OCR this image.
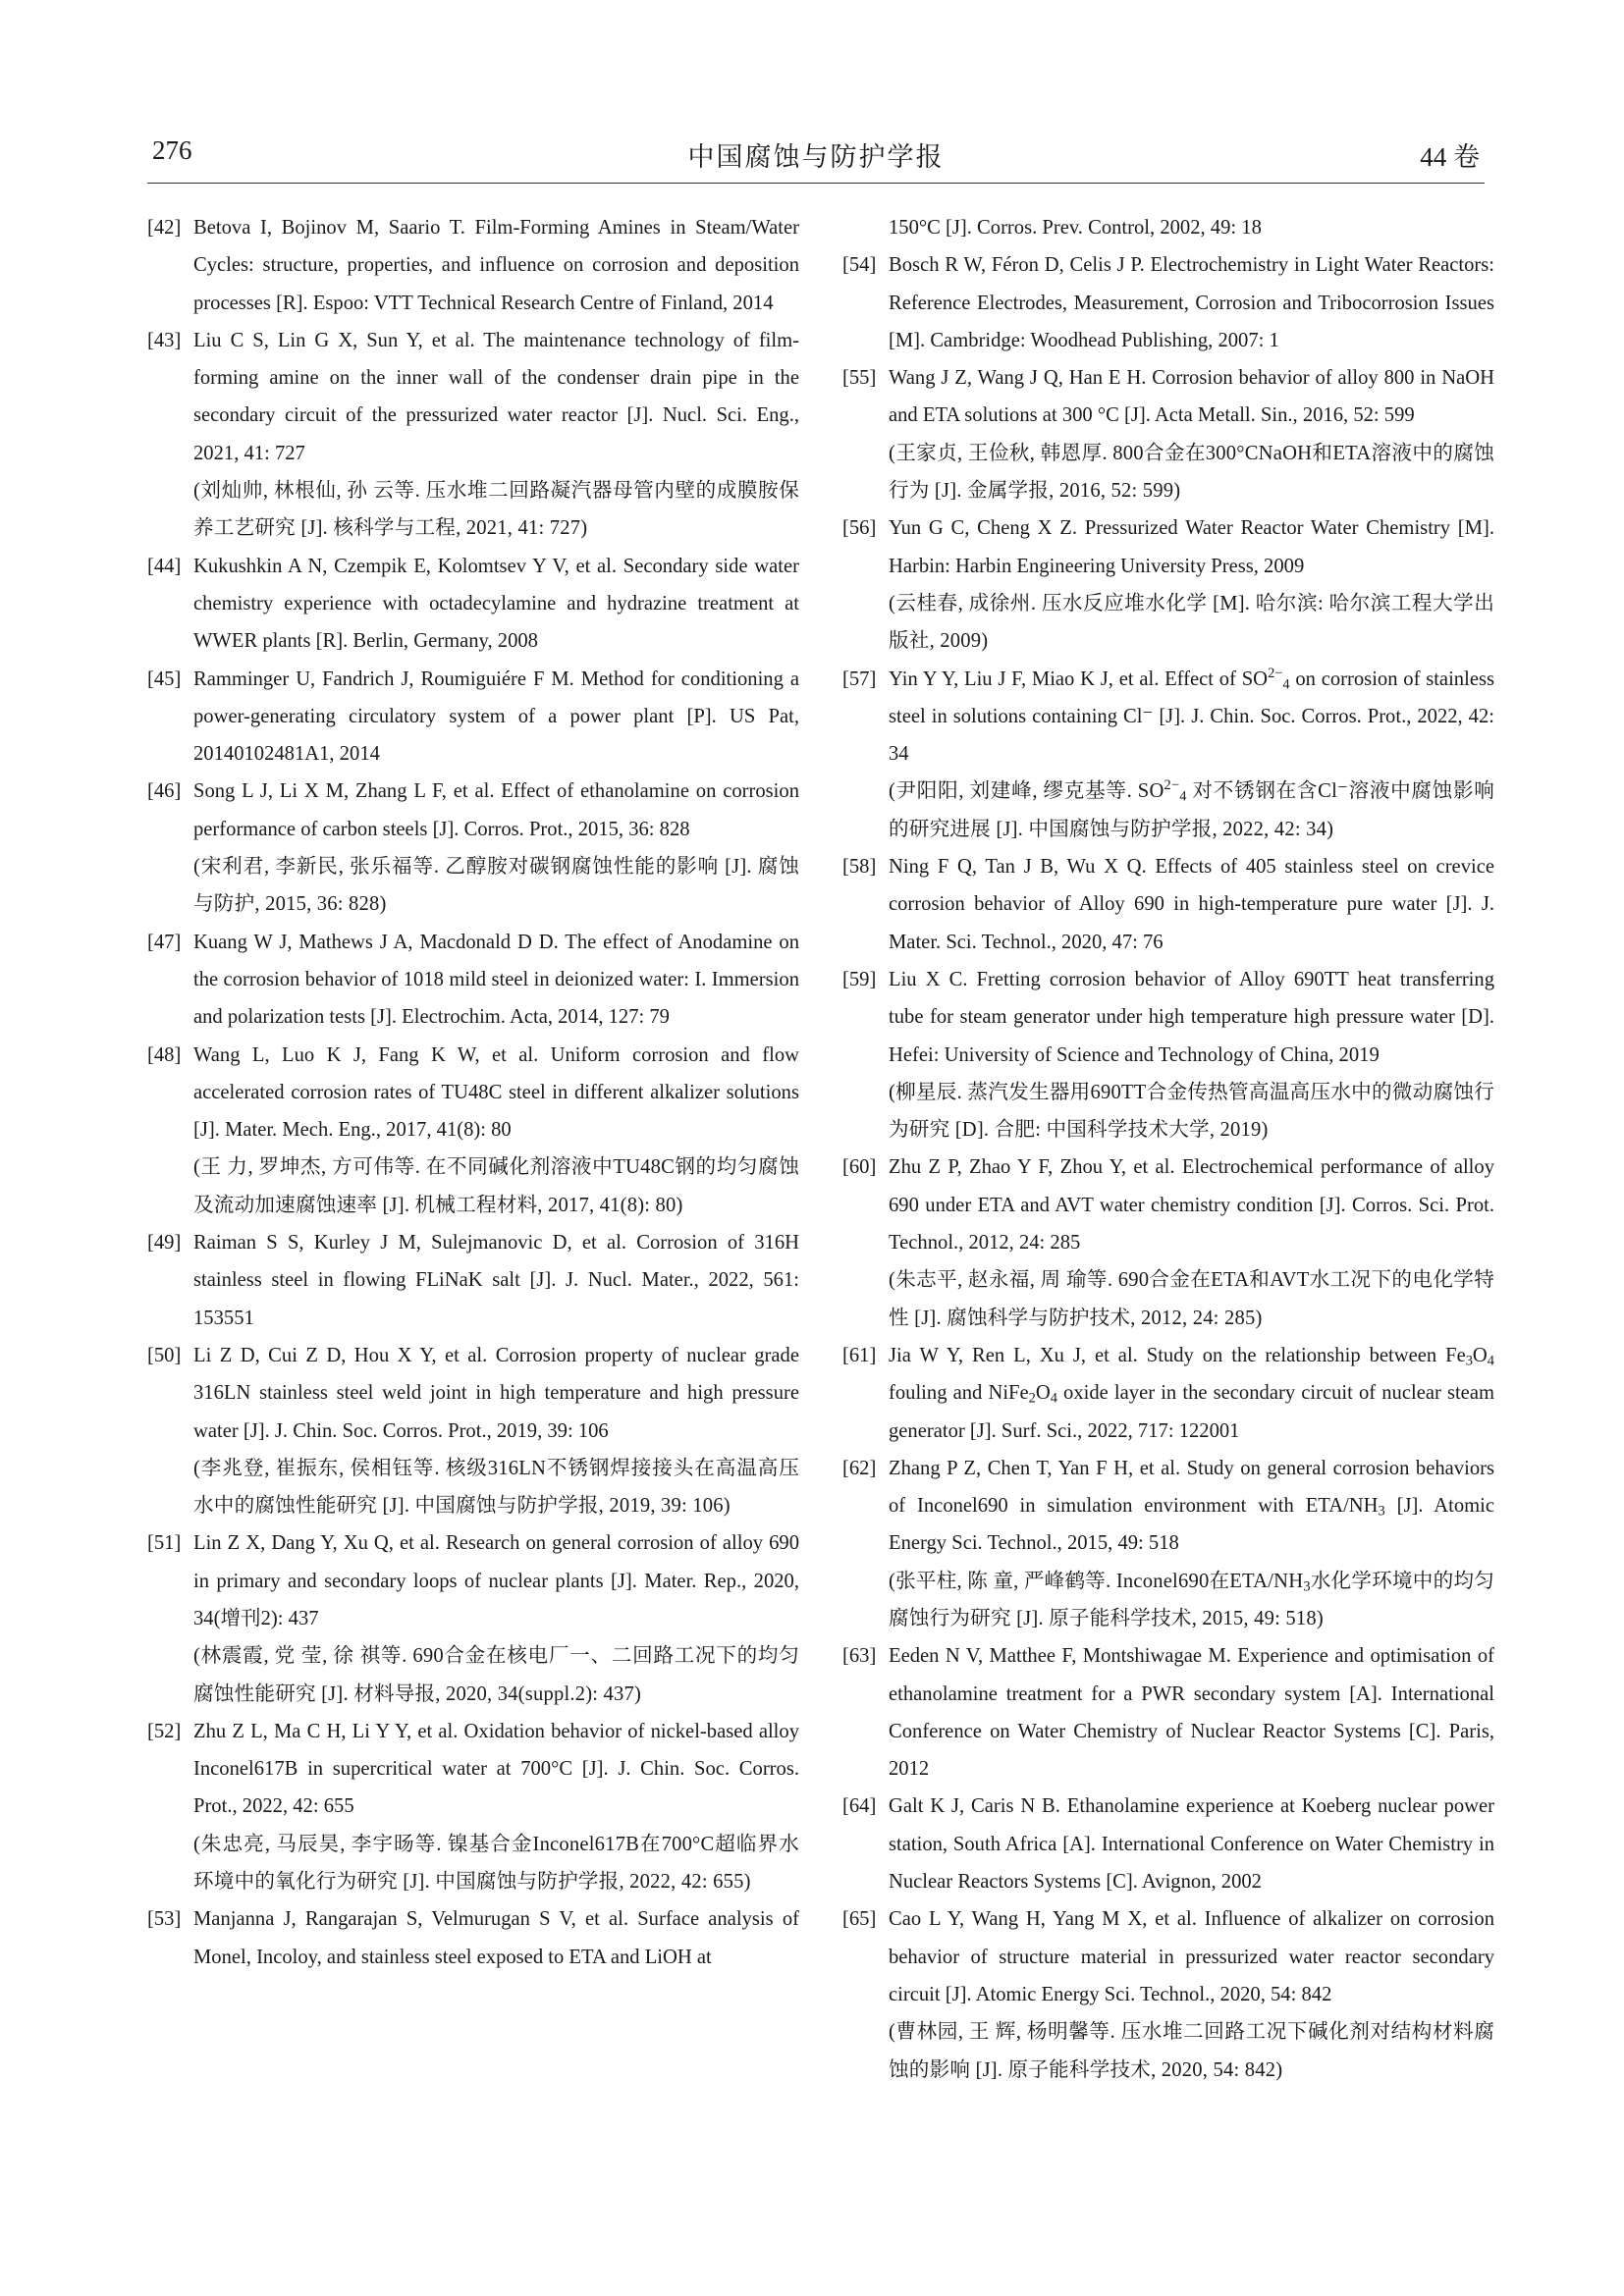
276	中国腐蚀与防护学报	44 卷
[42] Betova I, Bojinov M, Saario T. Film-Forming Amines in Steam/Water Cycles: structure, properties, and influence on corrosion and deposition processes [R]. Espoo: VTT Technical Research Centre of Finland, 2014
[43] Liu C S, Lin G X, Sun Y, et al. The maintenance technology of film-forming amine on the inner wall of the condenser drain pipe in the secondary circuit of the pressurized water reactor [J]. Nucl. Sci. Eng., 2021, 41: 727
(刘灿帅, 林根仙, 孙 云等. 压水堆二回路凝汽器母管内壁的成膜胺保养工艺研究 [J]. 核科学与工程, 2021, 41: 727)
[44] Kukushkin A N, Czempik E, Kolomtsev Y V, et al. Secondary side water chemistry experience with octadecylamine and hydrazine treatment at WWER plants [R]. Berlin, Germany, 2008
[45] Ramminger U, Fandrich J, Roumiguiére F M. Method for conditioning a power-generating circulatory system of a power plant [P]. US Pat, 20140102481A1, 2014
[46] Song L J, Li X M, Zhang L F, et al. Effect of ethanolamine on corrosion performance of carbon steels [J]. Corros. Prot., 2015, 36: 828
(宋利君, 李新民, 张乐福等. 乙醇胺对碳钢腐蚀性能的影响 [J]. 腐蚀与防护, 2015, 36: 828)
[47] Kuang W J, Mathews J A, Macdonald D D. The effect of Anodamine on the corrosion behavior of 1018 mild steel in deionized water: I. Immersion and polarization tests [J]. Electrochim. Acta, 2014, 127: 79
[48] Wang L, Luo K J, Fang K W, et al. Uniform corrosion and flow accelerated corrosion rates of TU48C steel in different alkalizer solutions [J]. Mater. Mech. Eng., 2017, 41(8): 80
(王 力, 罗坤杰, 方可伟等. 在不同碱化剂溶液中TU48C钢的均匀腐蚀及流动加速腐蚀速率 [J]. 机械工程材料, 2017, 41(8): 80)
[49] Raiman S S, Kurley J M, Sulejmanovic D, et al. Corrosion of 316H stainless steel in flowing FLiNaK salt [J]. J. Nucl. Mater., 2022, 561: 153551
[50] Li Z D, Cui Z D, Hou X Y, et al. Corrosion property of nuclear grade 316LN stainless steel weld joint in high temperature and high pressure water [J]. J. Chin. Soc. Corros. Prot., 2019, 39: 106
(李兆登, 崔振东, 侯相钰等. 核级316LN不锈钢焊接接头在高温高压水中的腐蚀性能研究 [J]. 中国腐蚀与防护学报, 2019, 39: 106)
[51] Lin Z X, Dang Y, Xu Q, et al. Research on general corrosion of alloy 690 in primary and secondary loops of nuclear plants [J]. Mater. Rep., 2020, 34(增刊2): 437
(林震霞, 党 莹, 徐 祺等. 690合金在核电厂一、二回路工况下的均匀腐蚀性能研究 [J]. 材料导报, 2020, 34(suppl.2): 437)
[52] Zhu Z L, Ma C H, Li Y Y, et al. Oxidation behavior of nickel-based alloy Inconel617B in supercritical water at 700°C [J]. J. Chin. Soc. Corros. Prot., 2022, 42: 655
(朱忠亮, 马辰昊, 李宇旸等. 镍基合金Inconel617B在700°C超临界水环境中的氧化行为研究 [J]. 中国腐蚀与防护学报, 2022, 42: 655)
[53] Manjanna J, Rangarajan S, Velmurugan S V, et al. Surface analysis of Monel, Incoloy, and stainless steel exposed to ETA and LiOH at
150°C [J]. Corros. Prev. Control, 2002, 49: 18
[54] Bosch R W, Féron D, Celis J P. Electrochemistry in Light Water Reactors: Reference Electrodes, Measurement, Corrosion and Tribocorrosion Issues [M]. Cambridge: Woodhead Publishing, 2007: 1
[55] Wang J Z, Wang J Q, Han E H. Corrosion behavior of alloy 800 in NaOH and ETA solutions at 300 °C [J]. Acta Metall. Sin., 2016, 52: 599
(王家贞, 王俭秋, 韩恩厚. 800合金在300°CNaOH和ETA溶液中的腐蚀行为 [J]. 金属学报, 2016, 52: 599)
[56] Yun G C, Cheng X Z. Pressurized Water Reactor Water Chemistry [M]. Harbin: Harbin Engineering University Press, 2009
(云桂春, 成徐州. 压水反应堆水化学 [M]. 哈尔滨: 哈尔滨工程大学出版社, 2009)
[57] Yin Y Y, Liu J F, Miao K J, et al. Effect of $SO^{2-}_4$ on corrosion of stainless steel in solutions containing Cl⁻ [J]. J. Chin. Soc. Corros. Prot., 2022, 42: 34
(尹阳阳, 刘建峰, 缪克基等. $SO^{2-}_4$ 对不锈钢在含Cl⁻溶液中腐蚀影响的研究进展 [J]. 中国腐蚀与防护学报, 2022, 42: 34)
[58] Ning F Q, Tan J B, Wu X Q. Effects of 405 stainless steel on crevice corrosion behavior of Alloy 690 in high-temperature pure water [J]. J. Mater. Sci. Technol., 2020, 47: 76
[59] Liu X C. Fretting corrosion behavior of Alloy 690TT heat transferring tube for steam generator under high temperature high pressure water [D]. Hefei: University of Science and Technology of China, 2019
(柳星辰. 蒸汽发生器用690TT合金传热管高温高压水中的微动腐蚀行为研究 [D]. 合肥: 中国科学技术大学, 2019)
[60] Zhu Z P, Zhao Y F, Zhou Y, et al. Electrochemical performance of alloy 690 under ETA and AVT water chemistry condition [J]. Corros. Sci. Prot. Technol., 2012, 24: 285
(朱志平, 赵永福, 周 瑜等. 690合金在ETA和AVT水工况下的电化学特性 [J]. 腐蚀科学与防护技术, 2012, 24: 285)
[61] Jia W Y, Ren L, Xu J, et al. Study on the relationship between $Fe_3O_4$ fouling and $NiFe_2O_4$ oxide layer in the secondary circuit of nuclear steam generator [J]. Surf. Sci., 2022, 717: 122001
[62] Zhang P Z, Chen T, Yan F H, et al. Study on general corrosion behaviors of Inconel690 in simulation environment with ETA/$NH_3$ [J]. Atomic Energy Sci. Technol., 2015, 49: 518
(张平柱, 陈 童, 严峰鹤等. Inconel690在ETA/$NH_3$水化学环境中的均匀腐蚀行为研究 [J]. 原子能科学技术, 2015, 49: 518)
[63] Eeden N V, Matthee F, Montshiwagae M. Experience and optimisation of ethanolamine treatment for a PWR secondary system [A]. International Conference on Water Chemistry of Nuclear Reactor Systems [C]. Paris, 2012
[64] Galt K J, Caris N B. Ethanolamine experience at Koeberg nuclear power station, South Africa [A]. International Conference on Water Chemistry in Nuclear Reactors Systems [C]. Avignon, 2002
[65] Cao L Y, Wang H, Yang M X, et al. Influence of alkalizer on corrosion behavior of structure material in pressurized water reactor secondary circuit [J]. Atomic Energy Sci. Technol., 2020, 54: 842
(曹林园, 王 辉, 杨明馨等. 压水堆二回路工况下碱化剂对结构材料腐蚀的影响 [J]. 原子能科学技术, 2020, 54: 842)
